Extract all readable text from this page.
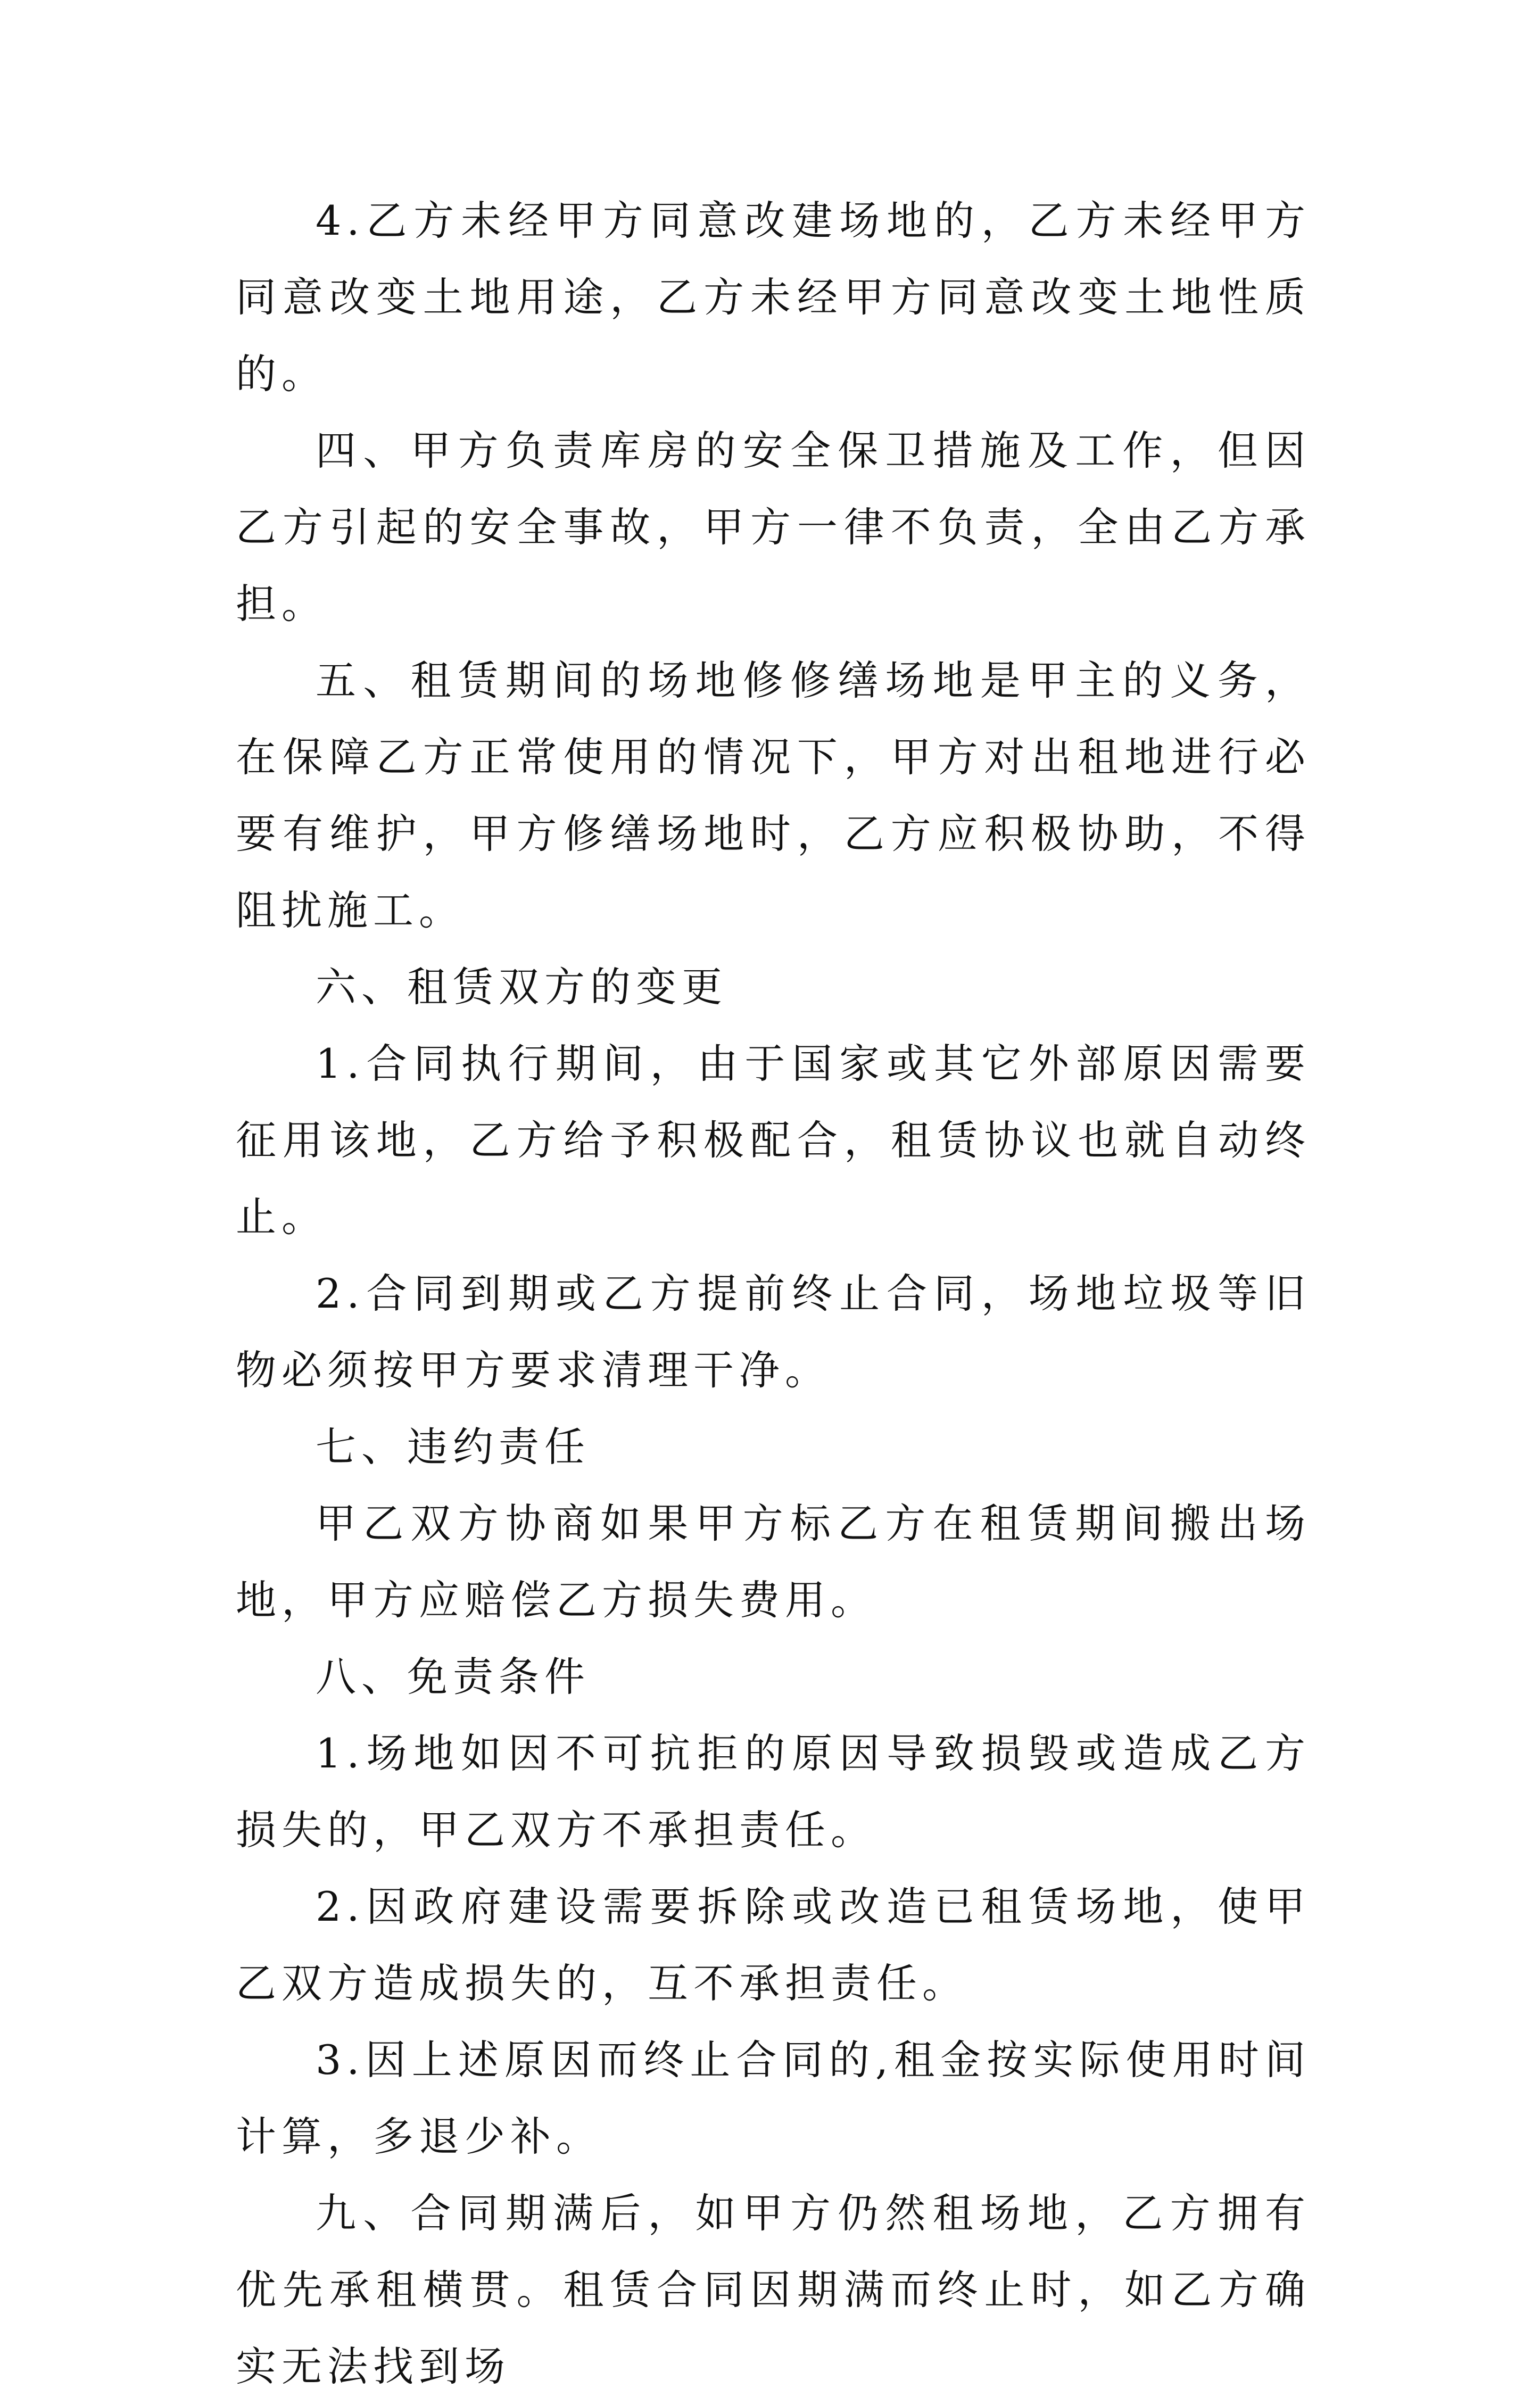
4.乙方未经甲方同意改建场地的，乙方未经甲方同意改变土地用途，乙方未经甲方同意改变土地性质的。

四、甲方负责库房的安全保卫措施及工作，但因乙方引起的安全事故，甲方一律不负责，全由乙方承担。

五、租赁期间的场地修修缮场地是甲主的义务，在保障乙方正常使用的情况下，甲方对出租地进行必要有维护，甲方修缮场地时，乙方应积极协助，不得阻扰施工。

六、租赁双方的变更

1.合同执行期间，由于国家或其它外部原因需要征用该地，乙方给予积极配合，租赁协议也就自动终止。

2.合同到期或乙方提前终止合同，场地垃圾等旧物必须按甲方要求清理干净。

七、违约责任

甲乙双方协商如果甲方标乙方在租赁期间搬出场地，甲方应赔偿乙方损失费用。

八、免责条件

1.场地如因不可抗拒的原因导致损毁或造成乙方损失的，甲乙双方不承担责任。

2.因政府建设需要拆除或改造已租赁场地，使甲乙双方造成损失的，互不承担责任。

3.因上述原因而终止合同的,租金按实际使用时间计算，多退少补。

九、合同期满后，如甲方仍然租场地，乙方拥有优先承租横贯。租赁合同因期满而终止时，如乙方确实无法找到场
